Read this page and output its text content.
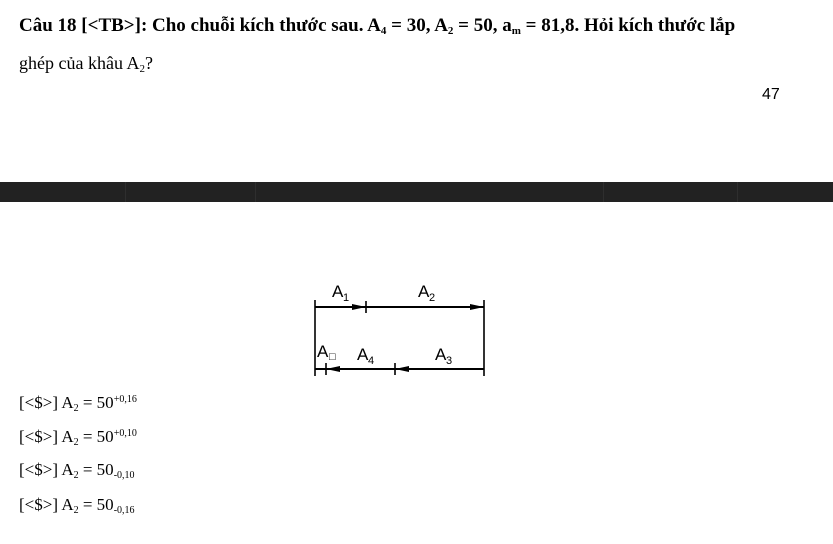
Câu 18 [<TB>]: Cho chuỗi kích thước sau. A4 = 30, A2 = 50, am = 81,8. Hỏi kích thước lắp
ghép của khâu A2?
47
A 1	A 2
A □ A 4	A 3
[<$>] $A_2 = 50^{+0,16}$
[<$>] $A_2 = 50^{+0,10}$
[<$>] $A_2 = 50_{-0,10}$
[<$>] $A_2 = 50_{-0,16}$
